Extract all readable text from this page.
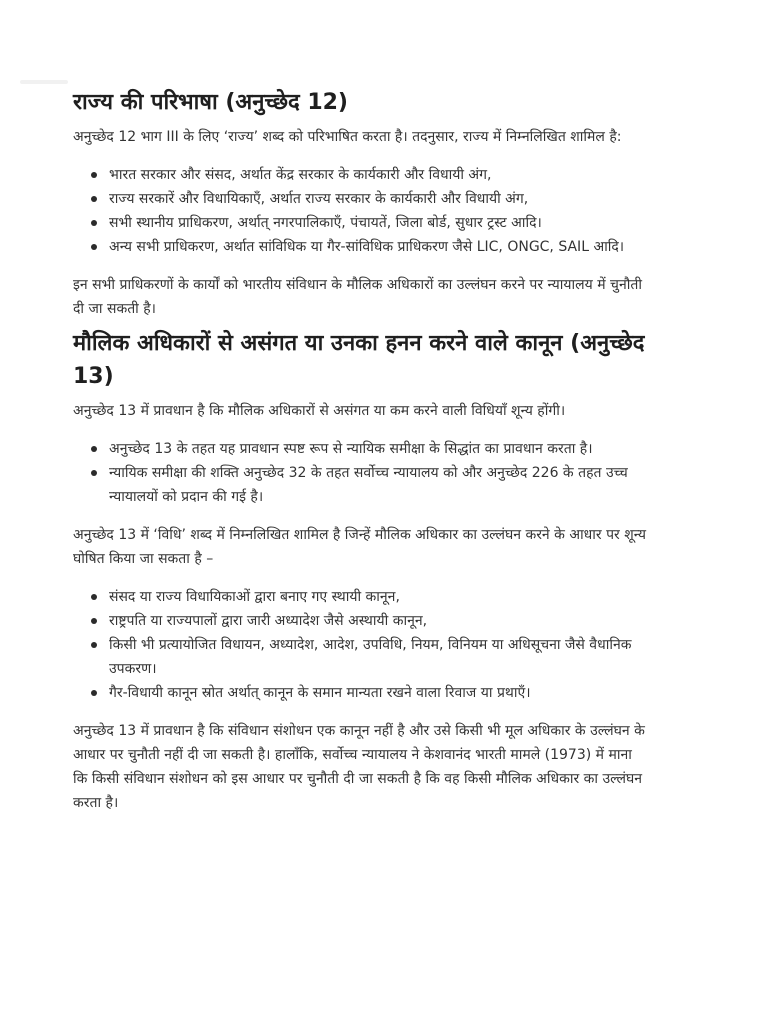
राज्य की परिभाषा (अनुच्छेद 12)

अनुच्छेद 12 भाग III के लिए ‘राज्य’ शब्द को परिभाषित करता है। तदनुसार, राज्य में निम्नलिखित शामिल है:

भारत सरकार और संसद, अर्थात केंद्र सरकार के कार्यकारी और विधायी अंग,
राज्य सरकारें और विधायिकाएँ, अर्थात राज्य सरकार के कार्यकारी और विधायी अंग,
सभी स्थानीय प्राधिकरण, अर्थात् नगरपालिकाएँ, पंचायतें, जिला बोर्ड, सुधार ट्रस्ट आदि।
अन्य सभी प्राधिकरण, अर्थात सांविधिक या गैर-सांविधिक प्राधिकरण जैसे LIC, ONGC, SAIL आदि।

इन सभी प्राधिकरणों के कार्यों को भारतीय संविधान के मौलिक अधिकारों का उल्लंघन करने पर न्यायालय में चुनौती दी जा सकती है।

मौलिक अधिकारों से असंगत या उनका हनन करने वाले कानून (अनुच्छेद 13)

अनुच्छेद 13 में प्रावधान है कि मौलिक अधिकारों से असंगत या कम करने वाली विधियाँ शून्य होंगी।

अनुच्छेद 13 के तहत यह प्रावधान स्पष्ट रूप से न्यायिक समीक्षा के सिद्धांत का प्रावधान करता है।
न्यायिक समीक्षा की शक्ति अनुच्छेद 32 के तहत सर्वोच्च न्यायालय को और अनुच्छेद 226 के तहत उच्च न्यायालयों को प्रदान की गई है।

अनुच्छेद 13 में ‘विधि’ शब्द में निम्नलिखित शामिल है जिन्हें मौलिक अधिकार का उल्लंघन करने के आधार पर शून्य घोषित किया जा सकता है –

संसद या राज्य विधायिकाओं द्वारा बनाए गए स्थायी कानून,
राष्ट्रपति या राज्यपालों द्वारा जारी अध्यादेश जैसे अस्थायी कानून,
किसी भी प्रत्यायोजित विधायन, अध्यादेश, आदेश, उपविधि, नियम, विनियम या अधिसूचना जैसे वैधानिक उपकरण।
गैर-विधायी कानून स्रोत अर्थात् कानून के समान मान्यता रखने वाला रिवाज या प्रथाएँ।

अनुच्छेद 13 में प्रावधान है कि संविधान संशोधन एक कानून नहीं है और उसे किसी भी मूल अधिकार के उल्लंघन के आधार पर चुनौती नहीं दी जा सकती है। हालाँकि, सर्वोच्च न्यायालय ने केशवानंद भारती मामले (1973) में माना कि किसी संविधान संशोधन को इस आधार पर चुनौती दी जा सकती है कि वह किसी मौलिक अधिकार का उल्लंघन करता है।
